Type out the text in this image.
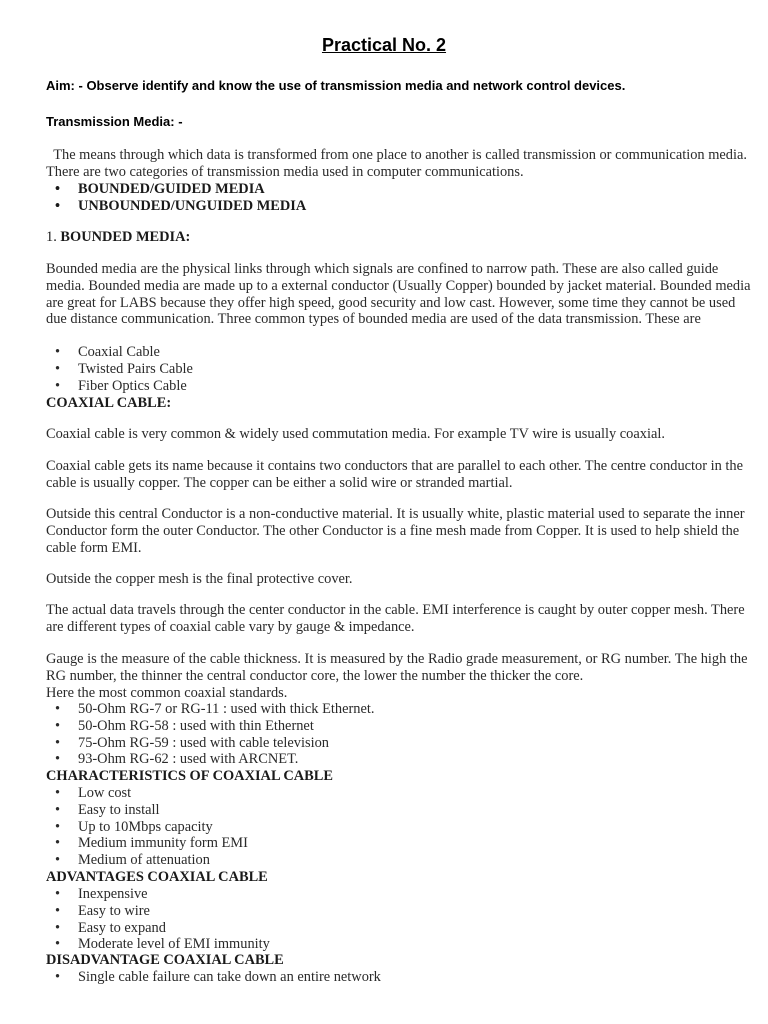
Practical No. 2
Aim: - Observe identify and know the use of transmission media and network control devices.
Transmission Media: -

The means through which data is transformed from one place to another is called transmission or communication media. There are two categories of transmission media used in computer communications.

• BOUNDED/GUIDED MEDIA
• UNBOUNDED/UNGUIDED MEDIA
1. BOUNDED MEDIA:

Bounded media are the physical links through which signals are confined to narrow path. These are also called guide media. Bounded media are made up to a external conductor (Usually Copper) bounded by jacket material. Bounded media are great for LABS because they offer high speed, good security and low cast. However, some time they cannot be used due distance communication. Three common types of bounded media are used of the data transmission. These are

• Coaxial Cable
• Twisted Pairs Cable
• Fiber Optics Cable
COAXIAL CABLE:

Coaxial cable is very common & widely used commutation media. For example TV wire is usually coaxial.

Coaxial cable gets its name because it contains two conductors that are parallel to each other. The centre conductor in the cable is usually copper. The copper can be either a solid wire or stranded martial.

Outside this central Conductor is a non-conductive material. It is usually white, plastic material used to separate the inner Conductor form the outer Conductor. The other Conductor is a fine mesh made from Copper. It is used to help shield the cable form EMI.

Outside the copper mesh is the final protective cover.

The actual data travels through the center conductor in the cable. EMI interference is caught by outer copper mesh. There are different types of coaxial cable vary by gauge & impedance.

Gauge is the measure of the cable thickness. It is measured by the Radio grade measurement, or RG number. The high the RG number, the thinner the central conductor core, the lower the number the thicker the core.

Here the most common coaxial standards.

• 50-Ohm RG-7 or RG-11 : used with thick Ethernet.
• 50-Ohm RG-58 : used with thin Ethernet
• 75-Ohm RG-59 : used with cable television
• 93-Ohm RG-62 : used with ARCNET.
CHARACTERISTICS OF COAXIAL CABLE
• Low cost
• Easy to install
• Up to 10Mbps capacity
• Medium immunity form EMI
• Medium of attenuation
ADVANTAGES COAXIAL CABLE
• Inexpensive
• Easy to wire
• Easy to expand
• Moderate level of EMI immunity
DISADVANTAGE COAXIAL CABLE
• Single cable failure can take down an entire network
